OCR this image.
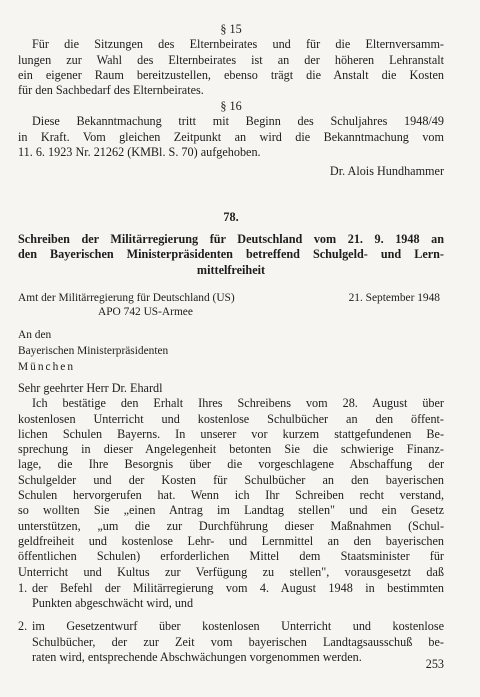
§ 15

Für die Sitzungen des Elternbeirates und für die Elternversamm-

lungen zur Wahl des Elternbeirates ist an der höheren Lehranstalt

ein eigener Raum bereitzustellen, ebenso trägt die Anstalt die Kosten

für den Sachbedarf des Elternbeirates.

§ 16

Diese Bekanntmachung tritt mit Beginn des Schuljahres 1948/49

in Kraft. Vom gleichen Zeitpunkt an wird die Bekanntmachung vom

11. 6. 1923 Nr. 21262 (KMBl. S. 70) aufgehoben.

Dr. Alois Hundhammer

78.

Schreiben der Militärregierung für Deutschland vom 21. 9. 1948 an

den Bayerischen Ministerpräsidenten betreffend Schulgeld- und Lern-

mittelfreiheit

Amt der Militärregierung für Deutschland (US)	21. September 1948

APO 742 US-Armee

An den

Bayerischen Ministerpräsidenten

München

Sehr geehrter Herr Dr. Ehardl

Ich bestätige den Erhalt Ihres Schreibens vom 28. August über

kostenlosen Unterricht und kostenlose Schulbücher an den öffent-

lichen Schulen Bayerns. In unserer vor kurzem stattgefundenen Be-

sprechung in dieser Angelegenheit betonten Sie die schwierige Finanz-

lage, die Ihre Besorgnis über die vorgeschlagene Abschaffung der

Schulgelder und der Kosten für Schulbücher an den bayerischen

Schulen hervorgerufen hat. Wenn ich Ihr Schreiben recht verstand,

so wollten Sie „einen Antrag im Landtag stellen" und ein Gesetz

unterstützen, „um die zur Durchführung dieser Maßnahmen (Schul-

geldfreiheit und kostenlose Lehr- und Lernmittel an den bayerischen

öffentlichen Schulen) erforderlichen Mittel dem Staatsminister für

Unterricht und Kultus zur Verfügung zu stellen", vorausgesetzt daß

1. der Befehl der Militärregierung vom 4. August 1948 in bestimmten

Punkten abgeschwächt wird, und

2. im Gesetzentwurf über kostenlosen Unterricht und kostenlose

Schulbücher, der zur Zeit vom bayerischen Landtagsausschuß be-

raten wird, entsprechende Abschwächungen vorgenommen werden.	253
